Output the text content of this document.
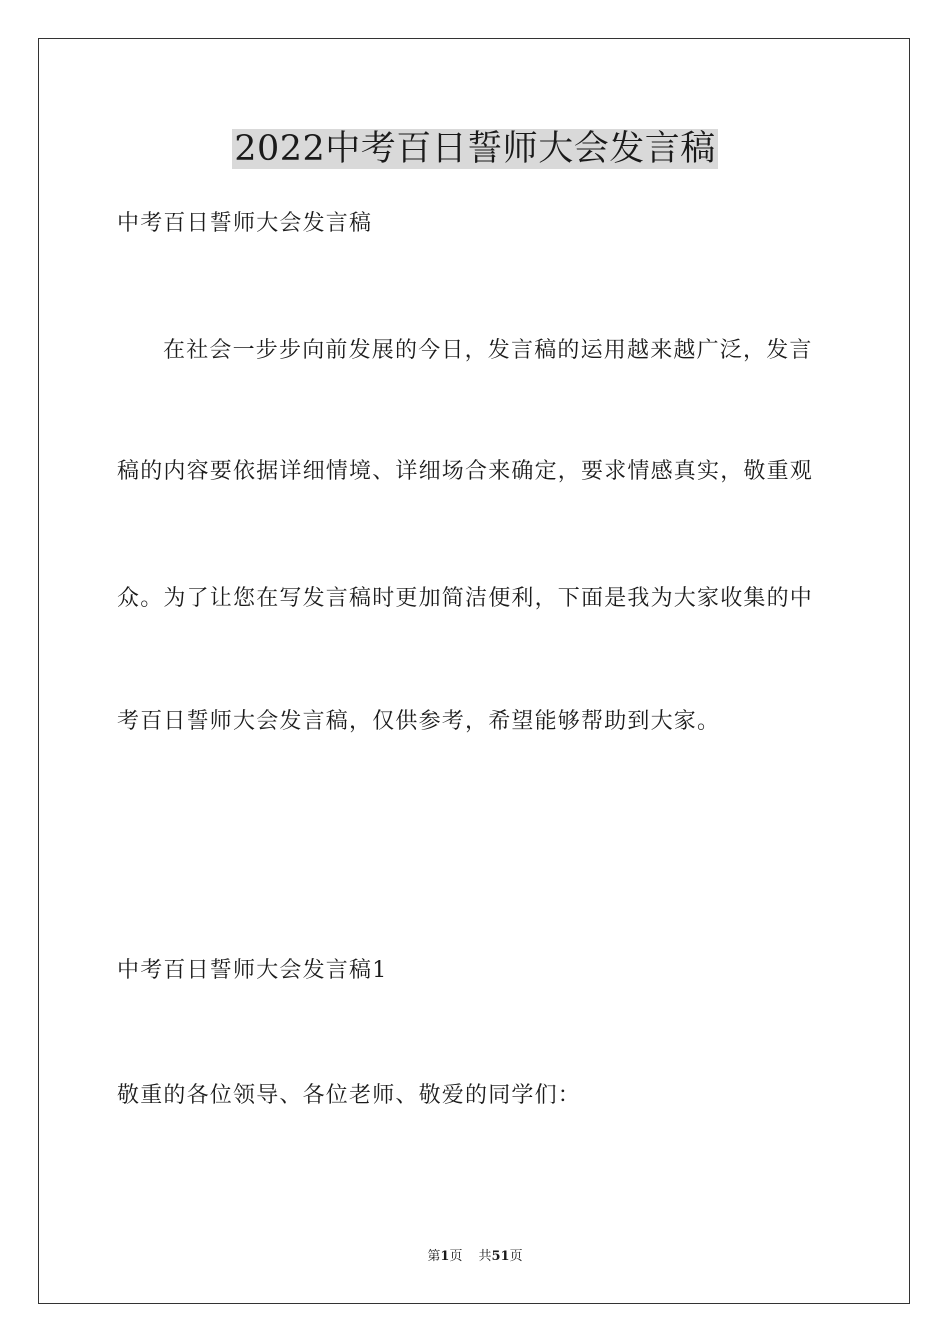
2022中考百日誓师大会发言稿
中考百日誓师大会发言稿
在社会一步步向前发展的今日，发言稿的运用越来越广泛，发言
稿的内容要依据详细情境、详细场合来确定，要求情感真实，敬重观
众。为了让您在写发言稿时更加简洁便利，下面是我为大家收集的中
考百日誓师大会发言稿，仅供参考，希望能够帮助到大家。
中考百日誓师大会发言稿1
敬重的各位领导、各位老师、敬爱的同学们：
第1页 共51页
